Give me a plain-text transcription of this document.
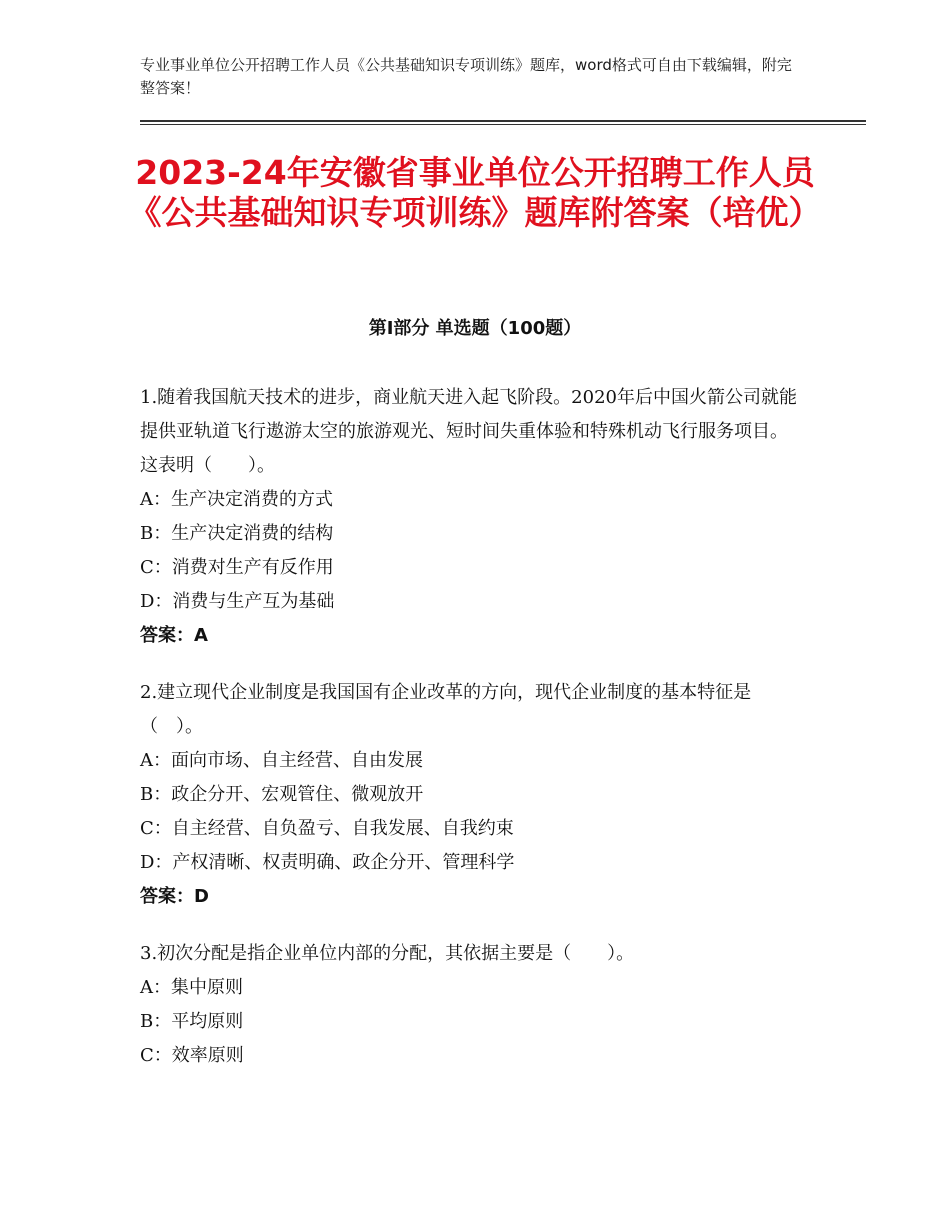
专业事业单位公开招聘工作人员《公共基础知识专项训练》题库，word格式可自由下载编辑，附完整答案！
2023-24年安徽省事业单位公开招聘工作人员《公共基础知识专项训练》题库附答案（培优）
第Ⅰ部分 单选题（100题）

1.随着我国航天技术的进步，商业航天进入起飞阶段。2020年后中国火箭公司就能提供亚轨道飞行遨游太空的旅游观光、短时间失重体验和特殊机动飞行服务项目。这表明（　　）。

A：生产决定消费的方式

B：生产决定消费的结构

C：消费对生产有反作用

D：消费与生产互为基础

答案：A

2.建立现代企业制度是我国国有企业改革的方向，现代企业制度的基本特征是（　）。

A：面向市场、自主经营、自由发展

B：政企分开、宏观管住、微观放开

C：自主经营、自负盈亏、自我发展、自我约束

D：产权清晰、权责明确、政企分开、管理科学

答案：D

3.初次分配是指企业单位内部的分配，其依据主要是（　　）。

A：集中原则

B：平均原则

C：效率原则
